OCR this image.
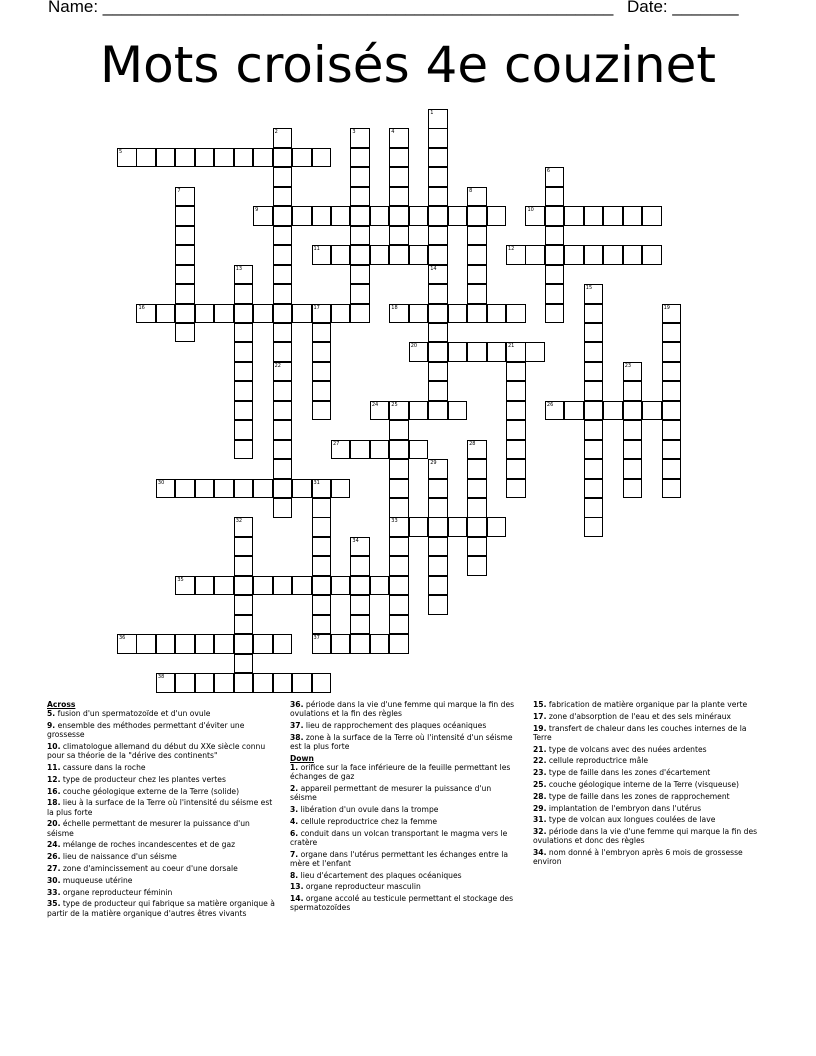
Name: ______________________________________________________ Date: _______
Mots croisés 4e couzinet
5
9	10
11	12
16	17	18
20	21
24	25	26
27
30	31
33
35
36	37
38
1
2
22
3	4
6
7	8
13	14
15
19
23
28
29
32
34
Across
5. fusion d'un spermatozoïde et d'un ovule
9. ensemble des méthodes permettant d'éviter une grossesse
10. climatologue allemand du début du XXe siècle connu pour sa théorie de la "dérive des continents"
11. cassure dans la roche
12. type de producteur chez les plantes vertes
16. couche géologique externe de la Terre (solide)
18. lieu à la surface de la Terre où l'intensité du séisme est la plus forte
20. échelle permettant de mesurer la puissance d'un séisme
24. mélange de roches incandescentes et de gaz
26. lieu de naissance d'un séisme
27. zone d'amincissement au coeur d'une dorsale
30. muqueuse utérine
33. organe reproducteur féminin
35. type de producteur qui fabrique sa matière organique à partir de la matière organique d'autres êtres vivants
36. période dans la vie d'une femme qui marque la fin des ovulations et la fin des règles
37. lieu de rapprochement des plaques océaniques
38. zone à la surface de la Terre où l'intensité d'un séisme est la plus forte
Down
1. orifice sur la face inférieure de la feuille permettant les échanges de gaz
2. appareil permettant de mesurer la puissance d'un séisme
3. libération d'un ovule dans la trompe
4. cellule reproductrice chez la femme
6. conduit dans un volcan transportant le magma vers le cratère
7. organe dans l'utérus permettant les échanges entre la mère et l'enfant
8. lieu d'écartement des plaques océaniques
13. organe reproducteur masculin
14. organe accolé au testicule permettant el stockage des spermatozoïdes
15. fabrication de matière organique par la plante verte
17. zone d'absorption de l'eau et des sels minéraux
19. transfert de chaleur dans les couches internes de la Terre
21. type de volcans avec des nuées ardentes
22. cellule reproductrice mâle
23. type de faille dans les zones d'écartement
25. couche géologique interne de la Terre (visqueuse)
28. type de faille dans les zones de rapprochement
29. implantation de l'embryon dans l'utérus
31. type de volcan aux longues coulées de lave
32. période dans la vie d'une femme qui marque la fin des ovulations et donc des règles
34. nom donné à l'embryon après 6 mois de grossesse environ
